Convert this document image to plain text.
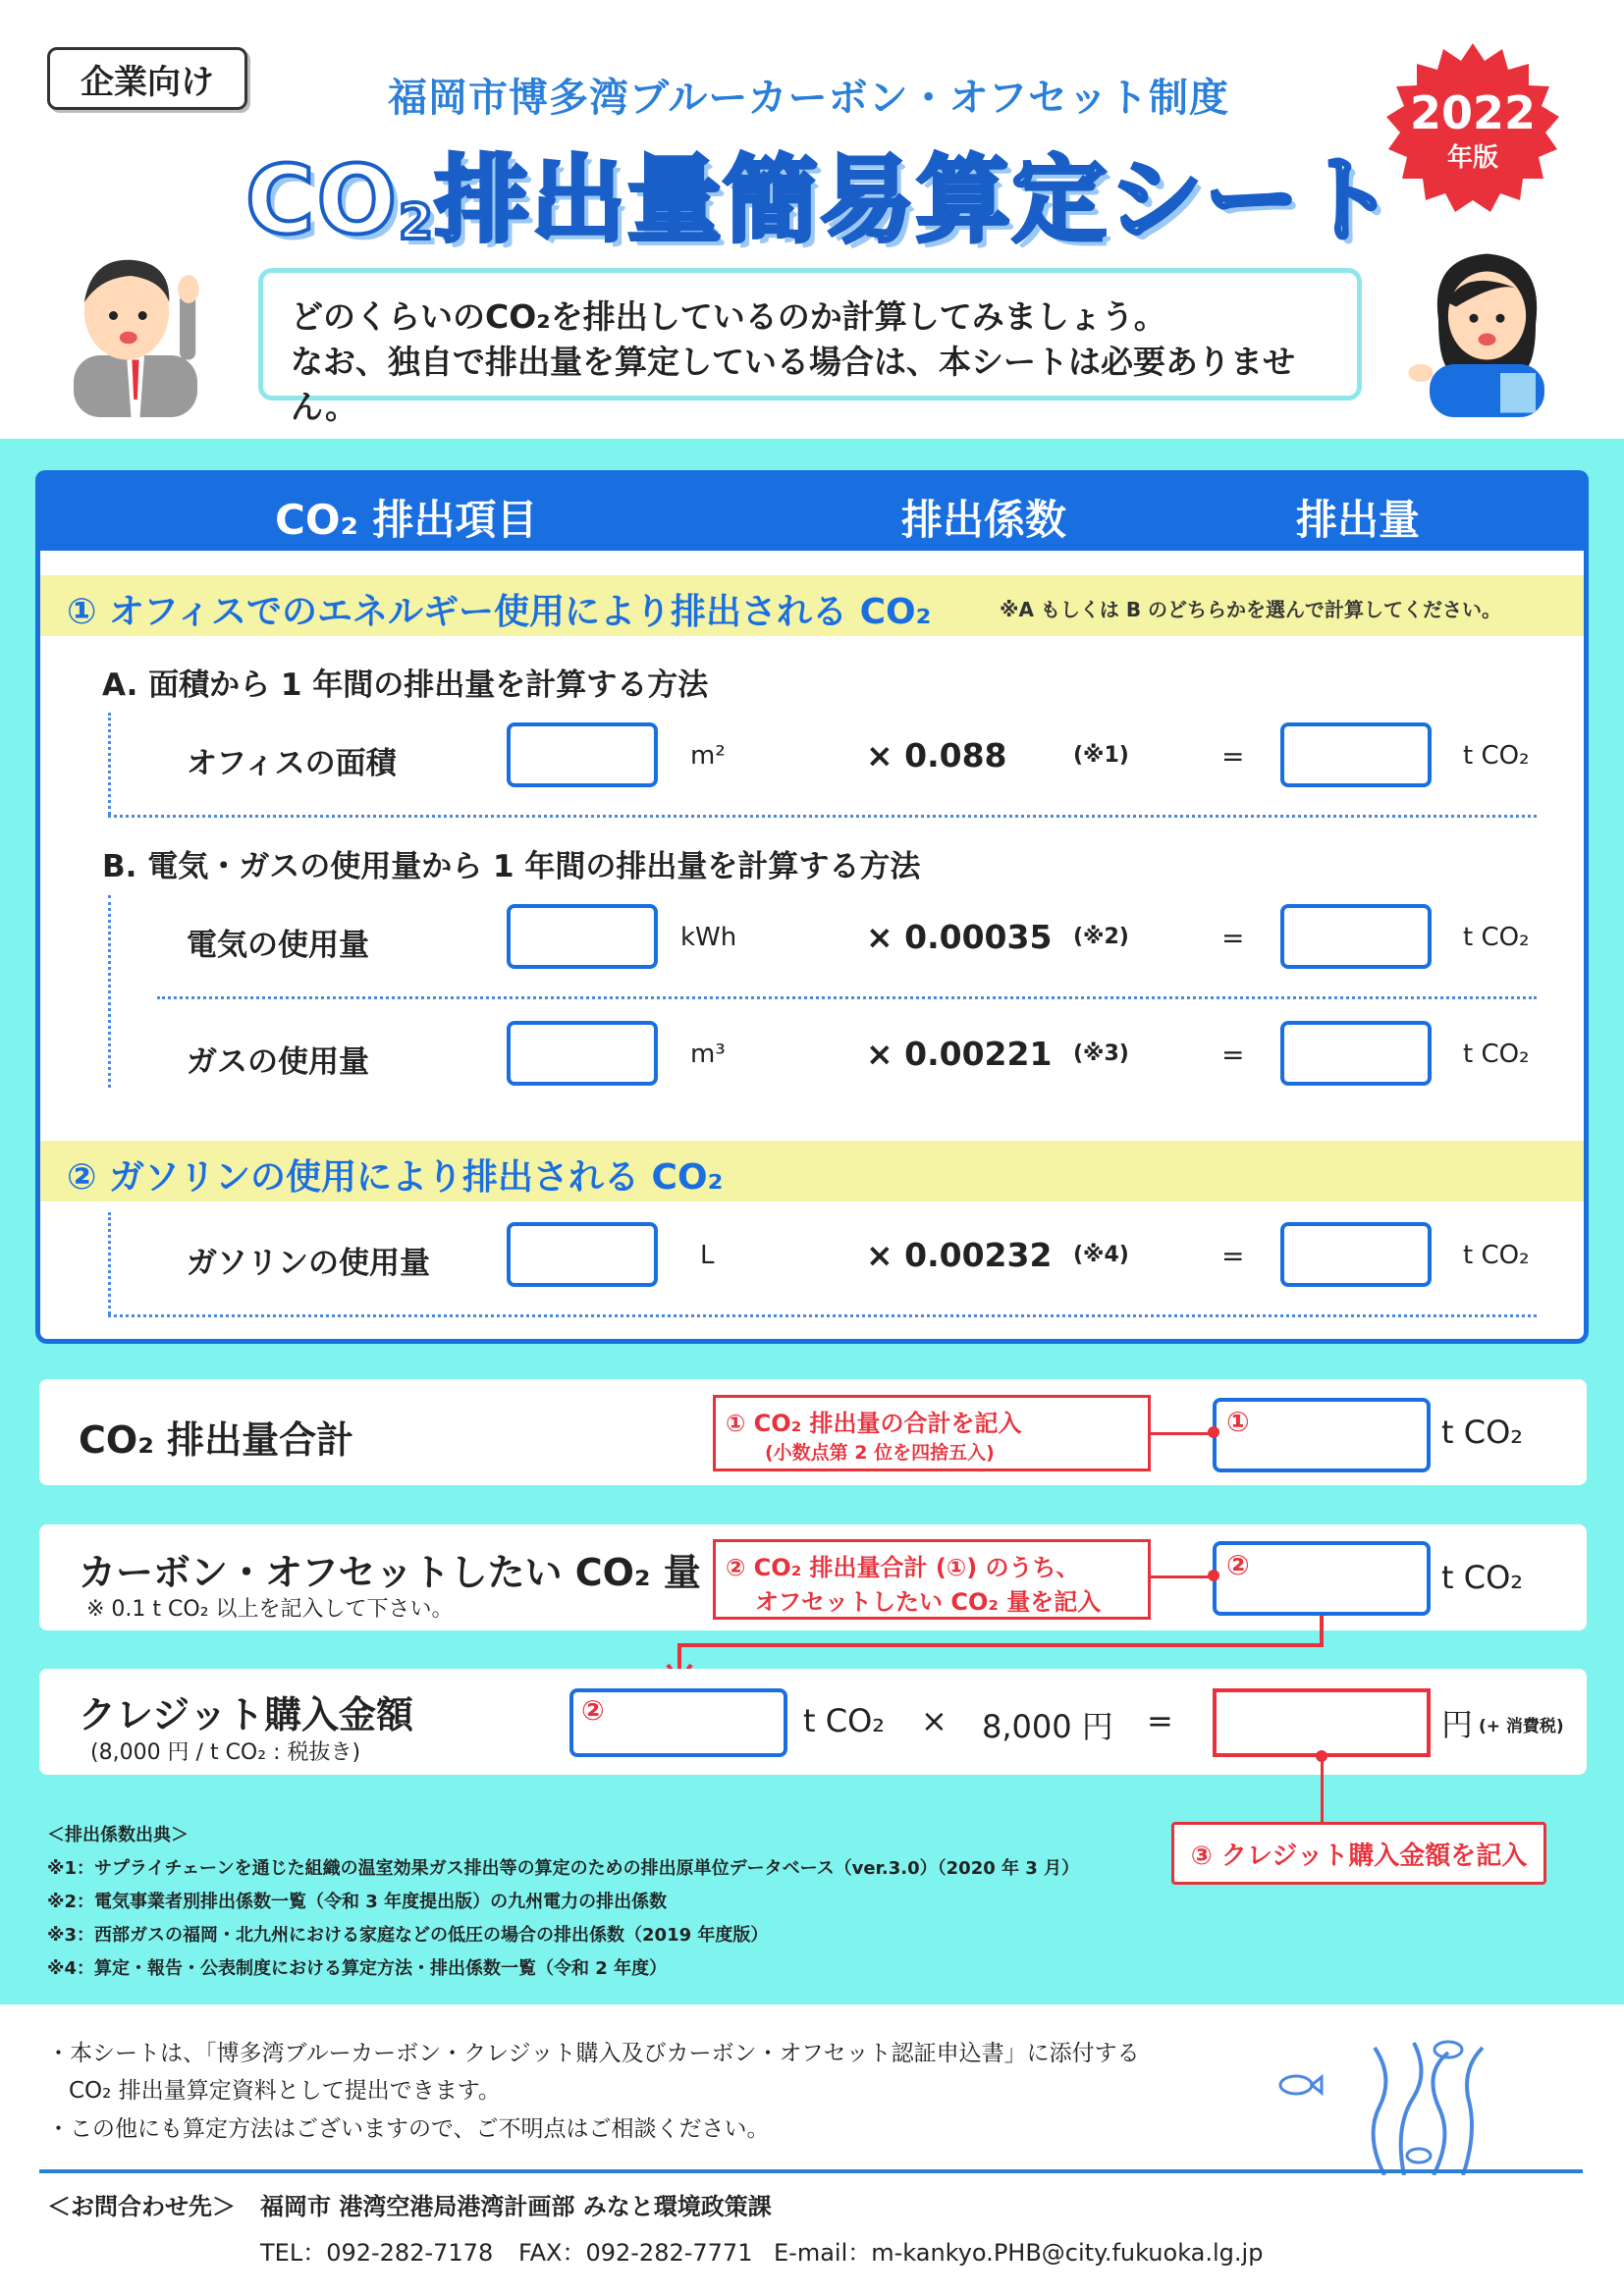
企業向け	福岡市博多湾ブルーカーボン・オフセット制度
$CO_2$排出量簡易算定シート
2022
年版
どのくらいのCO₂を排出しているのか計算してみましょう。
なお、独自で排出量を算定している場合は、本シートは必要ありません。
CO₂ 排出項目	排出係数	排出量
① オフィスでのエネルギー使用により排出される CO₂	※A もしくは B のどちらかを選んで計算してください。
A. 面積から 1 年間の排出量を計算する方法
オフィスの面積	m²	× 0.088	(※1)	=	t CO₂
B. 電気・ガスの使用量から 1 年間の排出量を計算する方法
電気の使用量	kWh	× 0.00035 (※2)	=	t CO₂
ガスの使用量	m³	× 0.00221 (※3)	=	t CO₂
② ガソリンの使用により排出される CO₂
ガソリンの使用量	L	× 0.00232 (※4)	=	t CO₂
CO₂ 排出量合計	① CO₂ 排出量の合計を記入
(小数点第 2 位を四捨五入)
①	t CO₂
カーボン・オフセットしたい CO₂ 量
※ 0.1 t CO₂ 以上を記入して下さい。
② CO₂ 排出量合計 (①) のうち、
オフセットしたい CO₂ 量を記入
②	t CO₂
クレジット購入金額
(8,000 円 / t CO₂ : 税抜き)
②	t CO₂ × 8,000 円 =	円 (+ 消費税)
③ クレジット購入金額を記入
＜排出係数出典＞
※1：サプライチェーンを通じた組織の温室効果ガス排出等の算定のための排出原単位データベース（ver.3.0）（2020 年 3 月）
※2：電気事業者別排出係数一覧（令和 3 年度提出版）の九州電力の排出係数
※3：西部ガスの福岡・北九州における家庭などの低圧の場合の排出係数（2019 年度版）
※4：算定・報告・公表制度における算定方法・排出係数一覧（令和 2 年度）
・本シートは、「博多湾ブルーカーボン・クレジット購入及びカーボン・オフセット認証申込書」に添付する
CO₂ 排出量算定資料として提出できます。
・この他にも算定方法はございますので、ご不明点はご相談ください。
＜お問合わせ先＞ 福岡市 港湾空港局港湾計画部 みなと環境政策課
TEL：092-282-7178 FAX：092-282-7771 E-mail：m-kankyo.PHB@city.fukuoka.lg.jp
